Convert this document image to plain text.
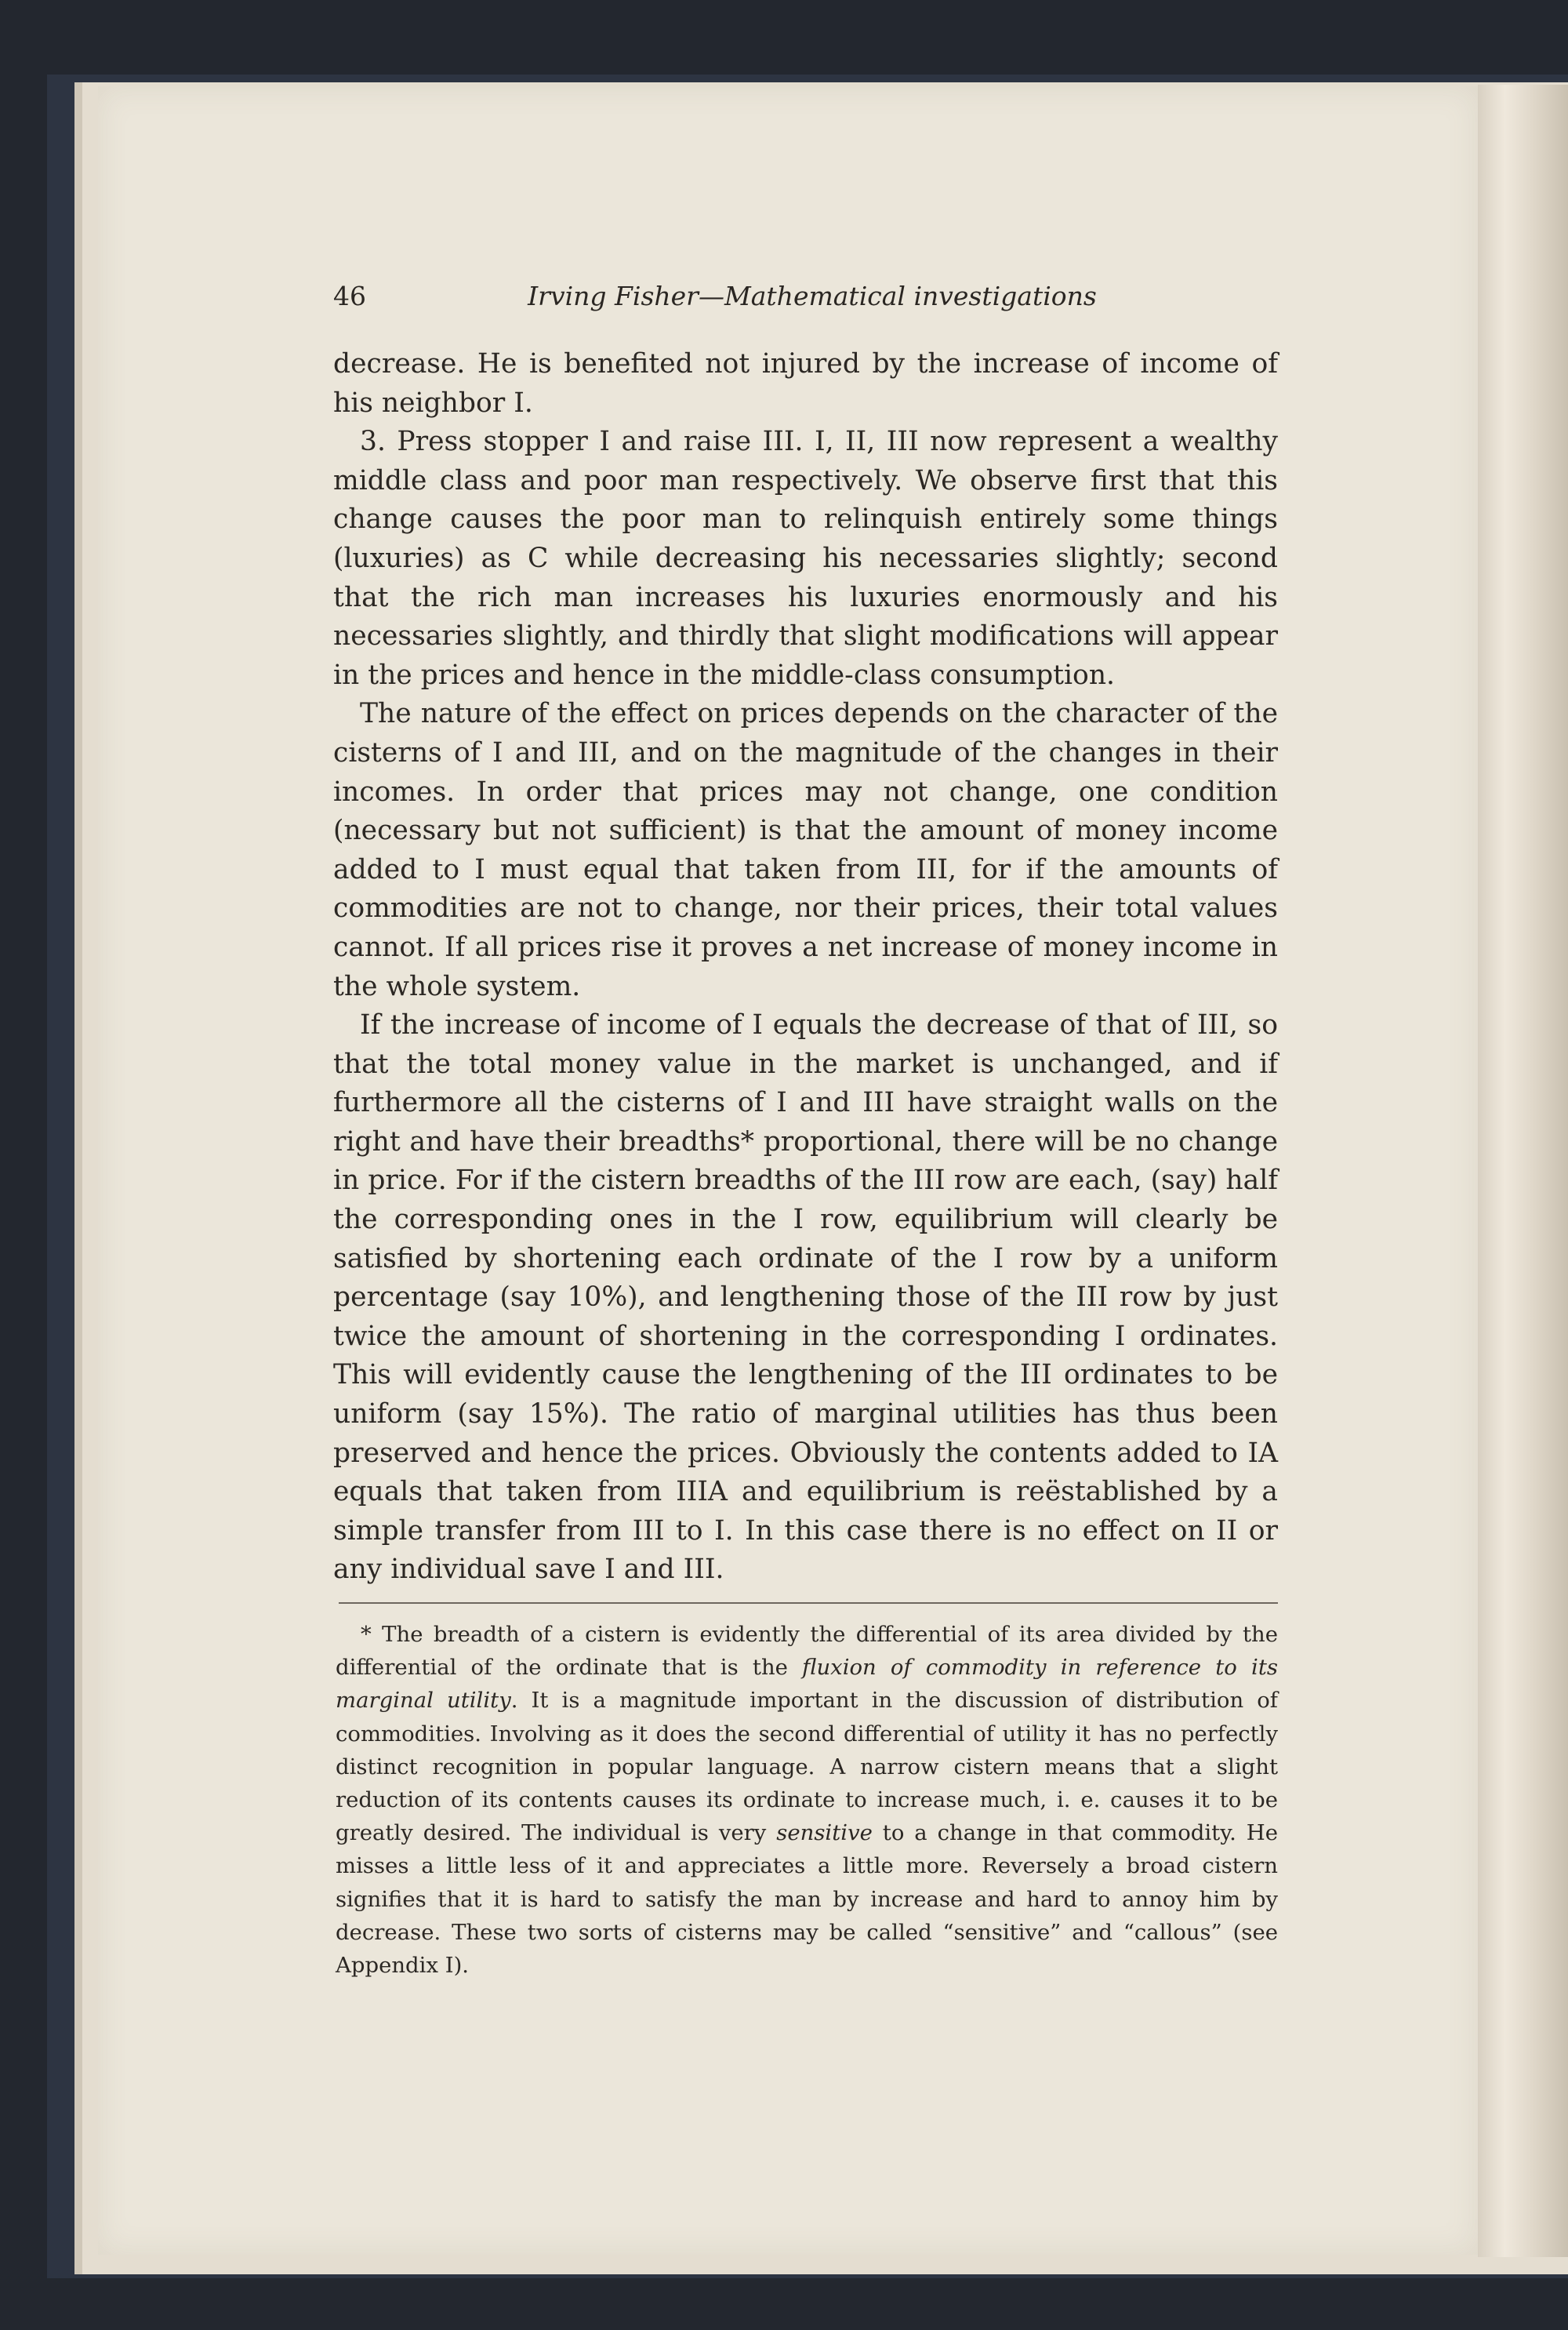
46	Irving Fisher—Mathematical investigations

decrease. He is benefited not injured by the increase of income of his neighbor I.

3. Press stopper I and raise III. I, II, III now represent a wealthy middle class and poor man respectively. We observe first that this change causes the poor man to relinquish entirely some things (luxuries) as C while decreasing his necessaries slightly; second that the rich man increases his luxuries enormously and his necessaries slightly, and thirdly that slight modifications will appear in the prices and hence in the middle-class consumption.

The nature of the effect on prices depends on the character of the cisterns of I and III, and on the magnitude of the changes in their incomes. In order that prices may not change, one condition (necessary but not sufficient) is that the amount of money income added to I must equal that taken from III, for if the amounts of commodities are not to change, nor their prices, their total values cannot. If all prices rise it proves a net increase of money income in the whole system.

If the increase of income of I equals the decrease of that of III, so that the total money value in the market is unchanged, and if furthermore all the cisterns of I and III have straight walls on the right and have their breadths* proportional, there will be no change in price. For if the cistern breadths of the III row are each, (say) half the corresponding ones in the I row, equilibrium will clearly be satisfied by shortening each ordinate of the I row by a uniform percentage (say 10%), and lengthening those of the III row by just twice the amount of shortening in the corresponding I ordinates. This will evidently cause the lengthening of the III ordinates to be uniform (say 15%). The ratio of marginal utilities has thus been preserved and hence the prices. Obviously the contents added to IA equals that taken from IIIA and equilibrium is reëstablished by a simple transfer from III to I. In this case there is no effect on II or any individual save I and III.

* The breadth of a cistern is evidently the differential of its area divided by the differential of the ordinate that is the fluxion of commodity in reference to its marginal utility. It is a magnitude important in the discussion of distribution of commodities. Involving as it does the second differential of utility it has no perfectly distinct recognition in popular language. A narrow cistern means that a slight reduction of its contents causes its ordinate to increase much, i. e. causes it to be greatly desired. The individual is very sensitive to a change in that commodity. He misses a little less of it and appreciates a little more. Reversely a broad cistern signifies that it is hard to satisfy the man by increase and hard to annoy him by decrease. These two sorts of cisterns may be called “sensitive” and “callous” (see Appendix I).
